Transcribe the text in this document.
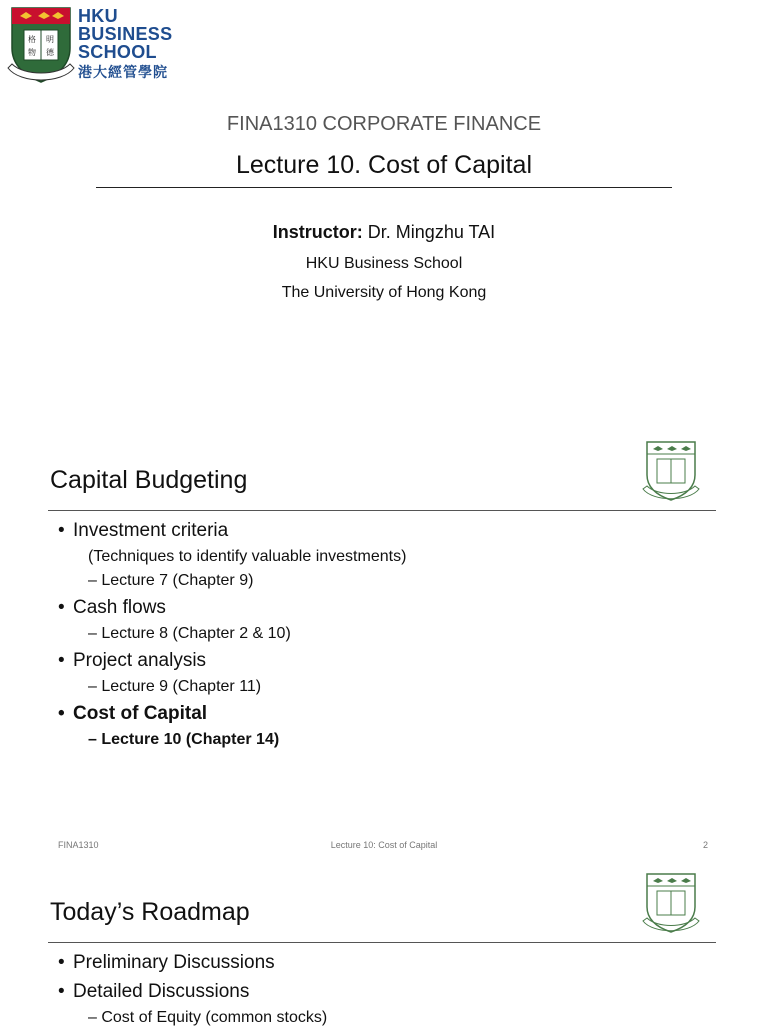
格 明
物 德
HKU
BUSINESS
SCHOOL
港大經管學院
FINA1310 CORPORATE FINANCE
Lecture 10. Cost of Capital
Instructor: Dr. Mingzhu TAI
HKU Business School
The University of Hong Kong
Capital Budgeting
• Investment criteria
(Techniques to identify valuable investments)
– Lecture 7 (Chapter 9)
• Cash flows
– Lecture 8 (Chapter 2 & 10)
• Project analysis
– Lecture 9 (Chapter 11)
• Cost of Capital
– Lecture 10 (Chapter 14)
FINA1310	Lecture 10: Cost of Capital	2
Today’s Roadmap
• Preliminary Discussions
• Detailed Discussions
– Cost of Equity (common stocks)
